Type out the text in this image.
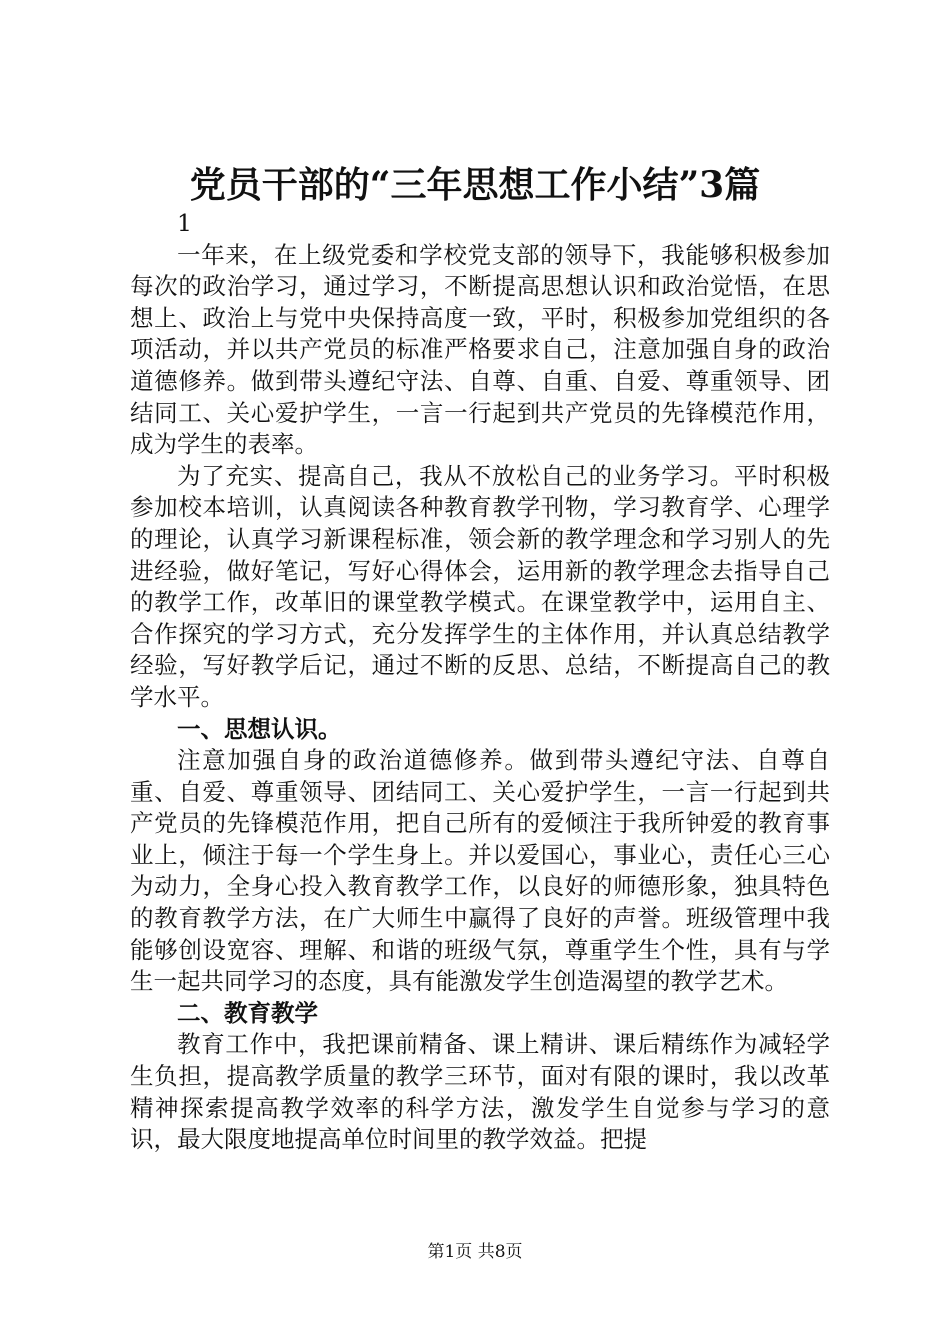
党员干部的“三年思想工作小结”3篇

1

一年来，在上级党委和学校党支部的领导下，我能够积极参加每次的政治学习，通过学习，不断提高思想认识和政治觉悟，在思想上、政治上与党中央保持高度一致，平时，积极参加党组织的各项活动，并以共产党员的标准严格要求自己，注意加强自身的政治道德修养。做到带头遵纪守法、自尊、自重、自爱、尊重领导、团结同工、关心爱护学生，一言一行起到共产党员的先锋模范作用，成为学生的表率。

为了充实、提高自己，我从不放松自己的业务学习。平时积极参加校本培训，认真阅读各种教育教学刊物，学习教育学、心理学的理论，认真学习新课程标准，领会新的教学理念和学习别人的先进经验，做好笔记，写好心得体会，运用新的教学理念去指导自己的教学工作，改革旧的课堂教学模式。在课堂教学中，运用自主、合作探究的学习方式，充分发挥学生的主体作用，并认真总结教学经验，写好教学后记，通过不断的反思、总结，不断提高自己的教学水平。

一、思想认识。

注意加强自身的政治道德修养。做到带头遵纪守法、自尊自重、自爱、尊重领导、团结同工、关心爱护学生，一言一行起到共产党员的先锋模范作用，把自己所有的爱倾注于我所钟爱的教育事业上，倾注于每一个学生身上。并以爱国心，事业心，责任心三心为动力，全身心投入教育教学工作，以良好的师德形象，独具特色的教育教学方法，在广大师生中赢得了良好的声誉。班级管理中我能够创设宽容、理解、和谐的班级气氛，尊重学生个性，具有与学生一起共同学习的态度，具有能激发学生创造渴望的教学艺术。

二、教育教学

教育工作中，我把课前精备、课上精讲、课后精练作为减轻学生负担，提高教学质量的教学三环节，面对有限的课时，我以改革精神探索提高教学效率的科学方法，激发学生自觉参与学习的意识，最大限度地提高单位时间里的教学效益。把提

第1页 共8页
